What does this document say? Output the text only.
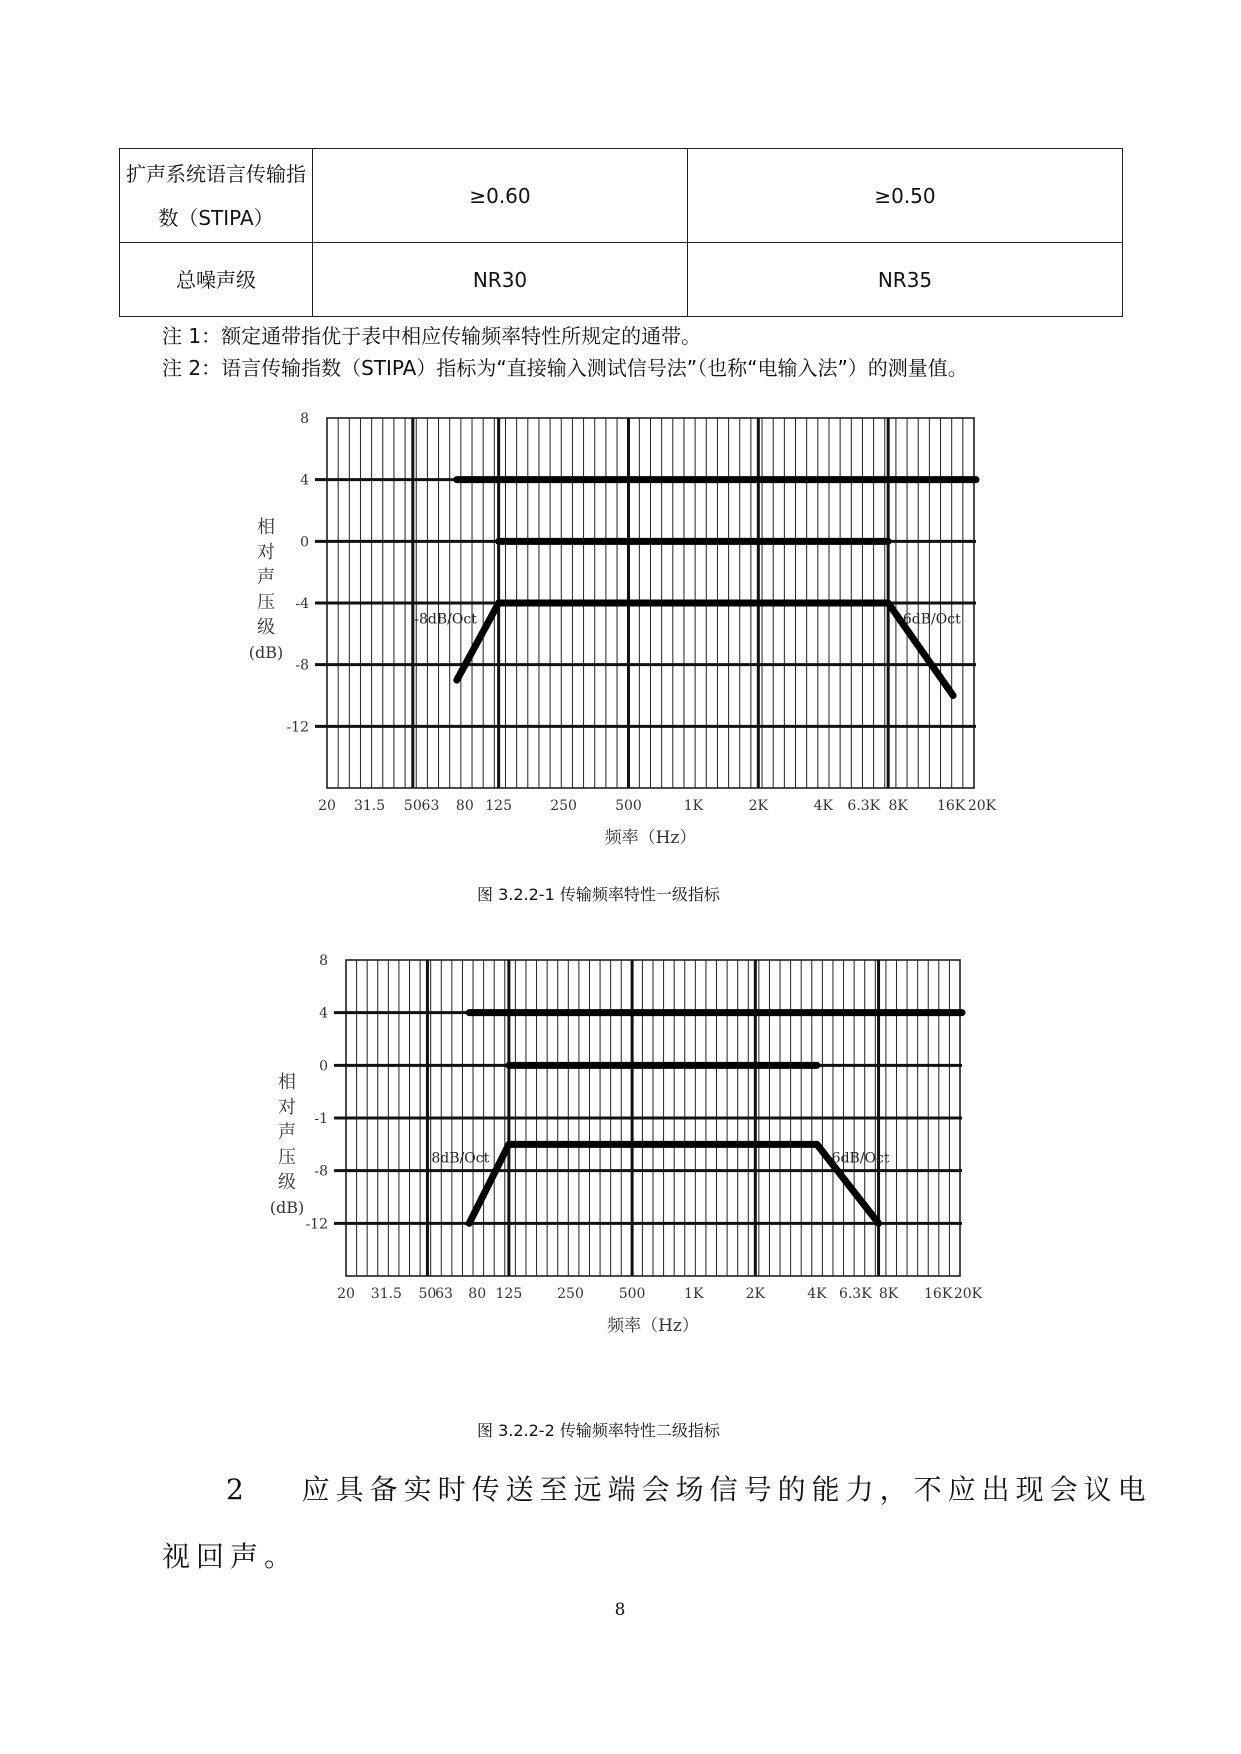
扩声系统语言传输指数（STIPA）	≥0.60	≥0.50
总噪声级	NR30	NR35
注 1：额定通带指优于表中相应传输频率特性所规定的通带。
注 2：语言传输指数（STIPA）指标为“直接输入测试信号法”（也称“电输入法”）的测量值。
8
4
0
-4
-8
-12
相
对
声
压
级
(dB)
20 31.5 50 63 80 125	250	500	1K	2K	4K 6.3K 8K 16K 20K
频率（Hz）
-8dB/Oct	-6dB/Oct
图 3.2.2-1 传输频率特性一级指标
8
4
0
-1
-8
-12
相
对
声
压
级
(dB)
20 31.5 50
63 80 125 250 500	1K	2K	4K 6.3K 8K 16K 20K
频率（Hz）
8dB/Oct	-6dB/Oct
图 3.2.2-2 传输频率特性二级指标
2 应具备实时传送至远端会场信号的能力，不应出现会议电
视回声。
8
